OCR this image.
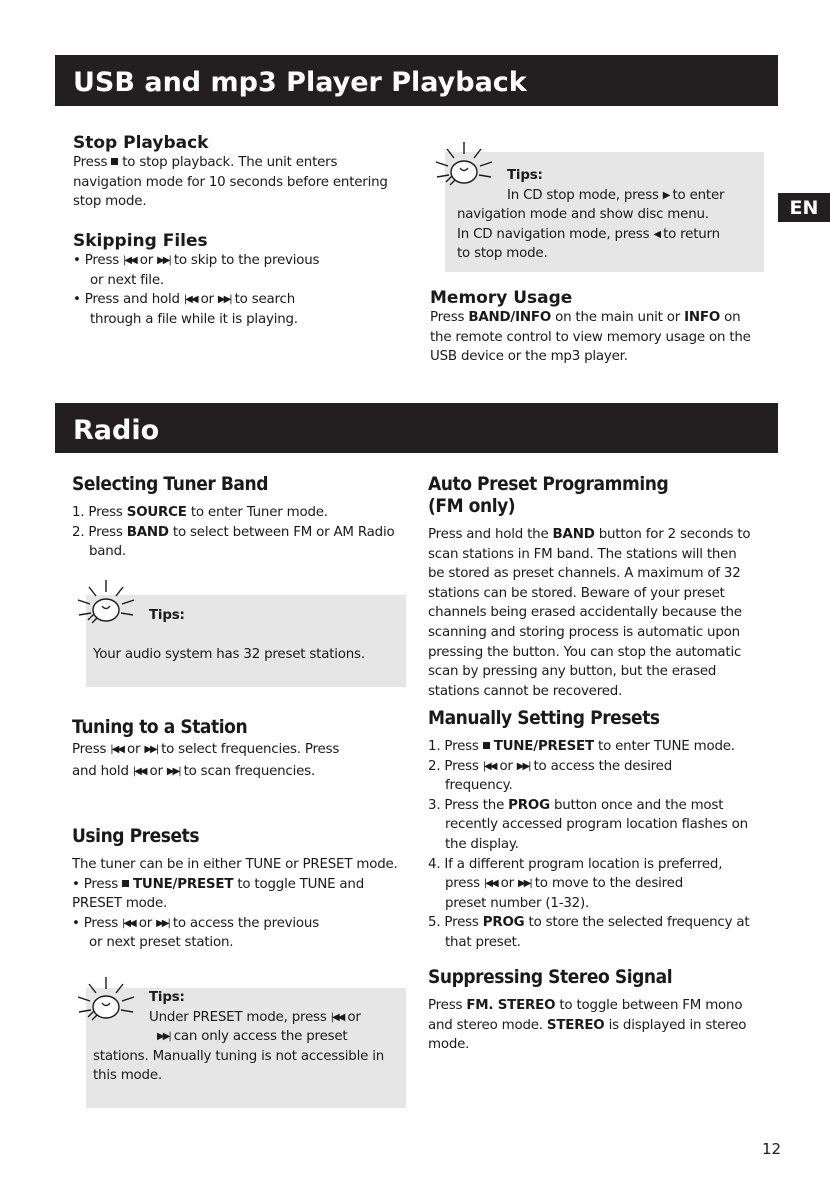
USB and mp3 Player Playback
Radio
EN
Stop Playback

Press to stop playback. The unit enters

navigation mode for 10 seconds before entering

stop mode.

Skipping Files

• Press |◀◀ or ▶▶| to skip to the previous

or next file.

• Press and hold |◀◀ or ▶▶| to search

through a file while it is playing.

Tips:

In CD stop mode, press ▶ to enter

navigation mode and show disc menu.

In CD navigation mode, press ◀ to return

to stop mode.

Memory Usage

Press BAND/INFO on the main unit or INFO on

the remote control to view memory usage on the

USB device or the mp3 player.

Selecting Tuner Band

1. Press SOURCE to enter Tuner mode.

2. Press BAND to select between FM or AM Radio

band.

Tips:
Your audio system has 32 preset stations.
Tuning to a Station

Press |◀◀ or ▶▶| to select frequencies. Press

and hold |◀◀ or ▶▶| to scan frequencies.

Using Presets

The tuner can be in either TUNE or PRESET mode.

• Press TUNE/PRESET to toggle TUNE and

PRESET mode.

• Press |◀◀ or ▶▶| to access the previous

or next preset station.

Tips:

Under PRESET mode, press |◀◀ or

▶▶| can only access the preset

stations. Manually tuning is not accessible in

this mode.

Auto Preset Programming
(FM only)

Press and hold the BAND button for 2 seconds to

scan stations in FM band. The stations will then

be stored as preset channels. A maximum of 32

stations can be stored. Beware of your preset

channels being erased accidentally because the

scanning and storing process is automatic upon

pressing the button. You can stop the automatic

scan by pressing any button, but the erased

stations cannot be recovered.

Manually Setting Presets

1. Press TUNE/PRESET to enter TUNE mode.

2. Press |◀◀ or ▶▶| to access the desired

frequency.

3. Press the PROG button once and the most

recently accessed program location flashes on

the display.

4. If a different program location is preferred,

press |◀◀ or ▶▶| to move to the desired

preset number (1-32).

5. Press PROG to store the selected frequency at

that preset.

Suppressing Stereo Signal

Press FM. STEREO to toggle between FM mono

and stereo mode. STEREO is displayed in stereo

mode.

12
